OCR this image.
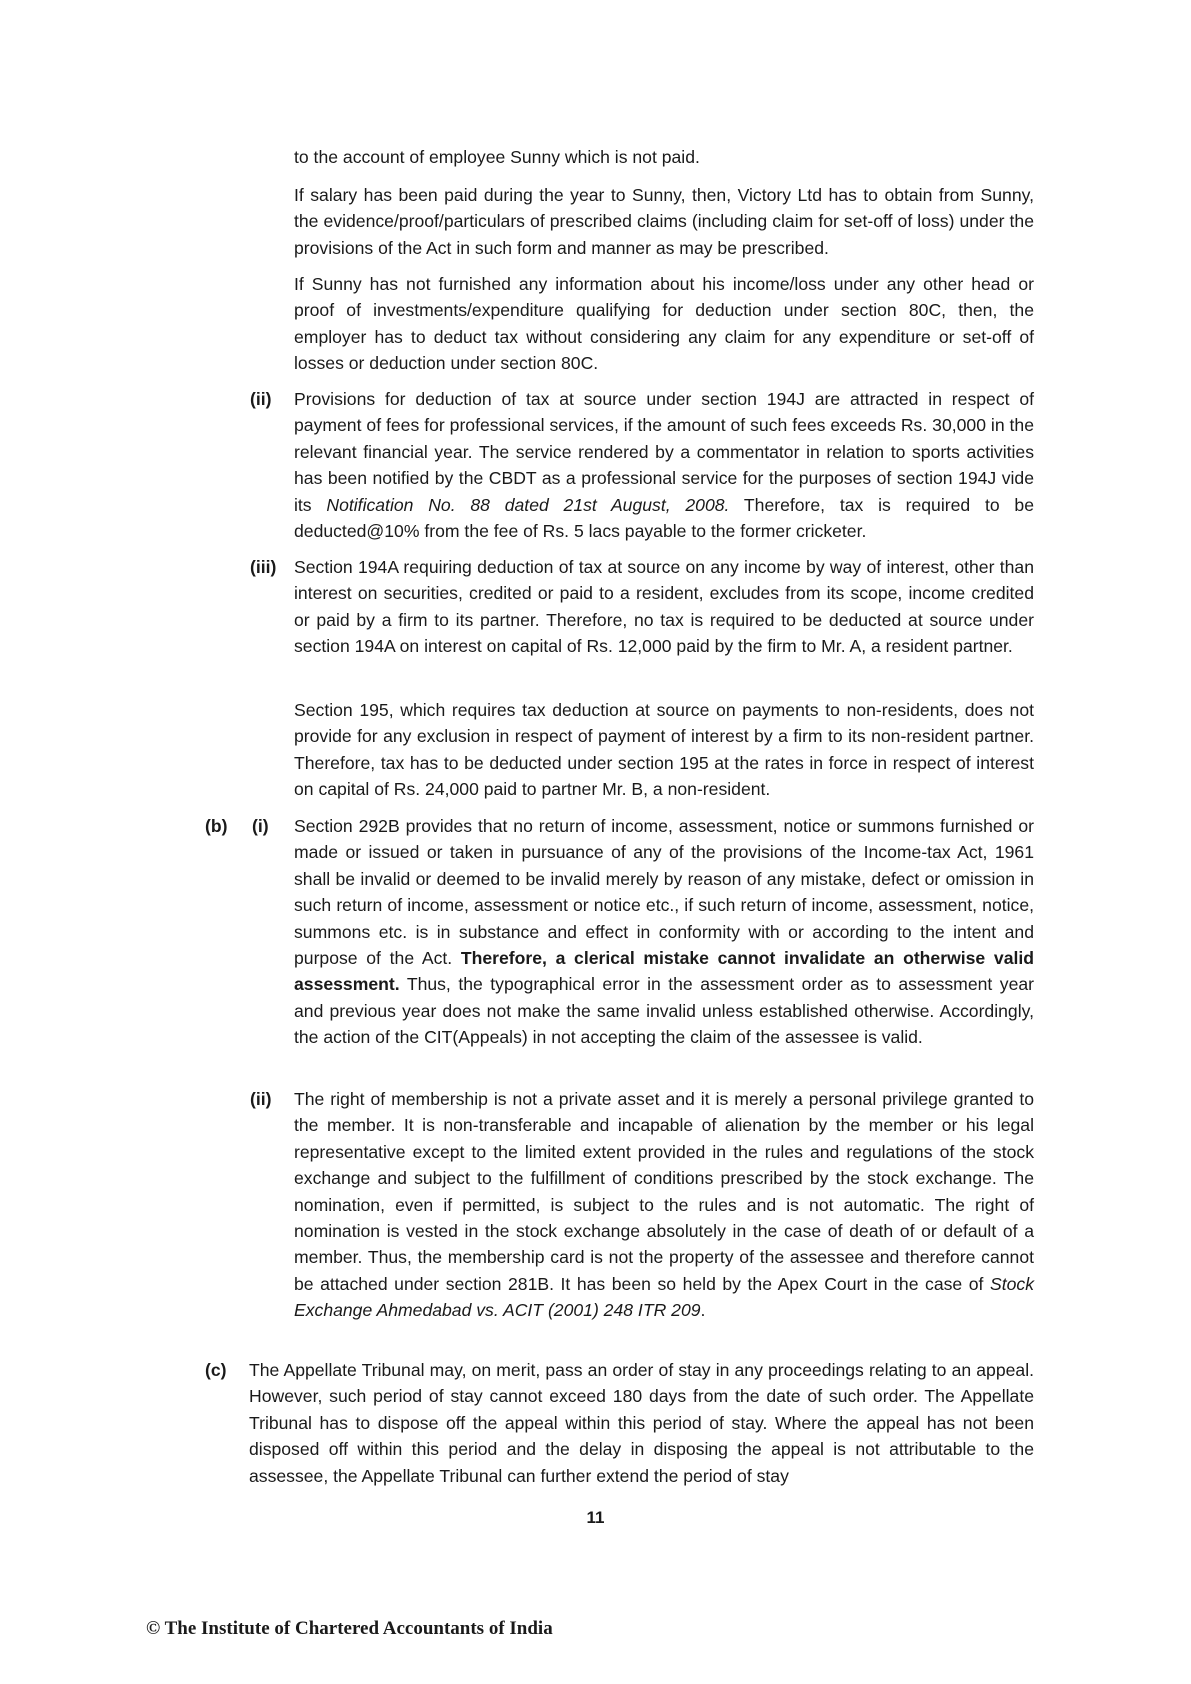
to the account of employee Sunny which is not paid.

If salary has been paid during the year to Sunny, then, Victory Ltd has to obtain from Sunny, the evidence/proof/particulars of prescribed claims (including claim for set-off of loss) under the provisions of the Act in such form and manner as may be prescribed.

If Sunny has not furnished any information about his income/loss under any other head or proof of investments/expenditure qualifying for deduction under section 80C, then, the employer has to deduct tax without considering any claim for any expenditure or set-off of losses or deduction under section 80C.

(ii) Provisions for deduction of tax at source under section 194J are attracted in respect of payment of fees for professional services, if the amount of such fees exceeds Rs. 30,000 in the relevant financial year. The service rendered by a commentator in relation to sports activities has been notified by the CBDT as a professional service for the purposes of section 194J vide its Notification No. 88 dated 21st August, 2008. Therefore, tax is required to be deducted@10% from the fee of Rs. 5 lacs payable to the former cricketer.

(iii) Section 194A requiring deduction of tax at source on any income by way of interest, other than interest on securities, credited or paid to a resident, excludes from its scope, income credited or paid by a firm to its partner. Therefore, no tax is required to be deducted at source under section 194A on interest on capital of Rs. 12,000 paid by the firm to Mr. A, a resident partner.

Section 195, which requires tax deduction at source on payments to non-residents, does not provide for any exclusion in respect of payment of interest by a firm to its non-resident partner. Therefore, tax has to be deducted under section 195 at the rates in force in respect of interest on capital of Rs. 24,000 paid to partner Mr. B, a non-resident.

(b) (i) Section 292B provides that no return of income, assessment, notice or summons furnished or made or issued or taken in pursuance of any of the provisions of the Income-tax Act, 1961 shall be invalid or deemed to be invalid merely by reason of any mistake, defect or omission in such return of income, assessment or notice etc., if such return of income, assessment, notice, summons etc. is in substance and effect in conformity with or according to the intent and purpose of the Act. Therefore, a clerical mistake cannot invalidate an otherwise valid assessment. Thus, the typographical error in the assessment order as to assessment year and previous year does not make the same invalid unless established otherwise. Accordingly, the action of the CIT(Appeals) in not accepting the claim of the assessee is valid.

(ii) The right of membership is not a private asset and it is merely a personal privilege granted to the member. It is non-transferable and incapable of alienation by the member or his legal representative except to the limited extent provided in the rules and regulations of the stock exchange and subject to the fulfillment of conditions prescribed by the stock exchange. The nomination, even if permitted, is subject to the rules and is not automatic. The right of nomination is vested in the stock exchange absolutely in the case of death of or default of a member. Thus, the membership card is not the property of the assessee and therefore cannot be attached under section 281B. It has been so held by the Apex Court in the case of Stock Exchange Ahmedabad vs. ACIT (2001) 248 ITR 209.

(c) The Appellate Tribunal may, on merit, pass an order of stay in any proceedings relating to an appeal. However, such period of stay cannot exceed 180 days from the date of such order. The Appellate Tribunal has to dispose off the appeal within this period of stay. Where the appeal has not been disposed off within this period and the delay in disposing the appeal is not attributable to the assessee, the Appellate Tribunal can further extend the period of stay

11
© The Institute of Chartered Accountants of India
